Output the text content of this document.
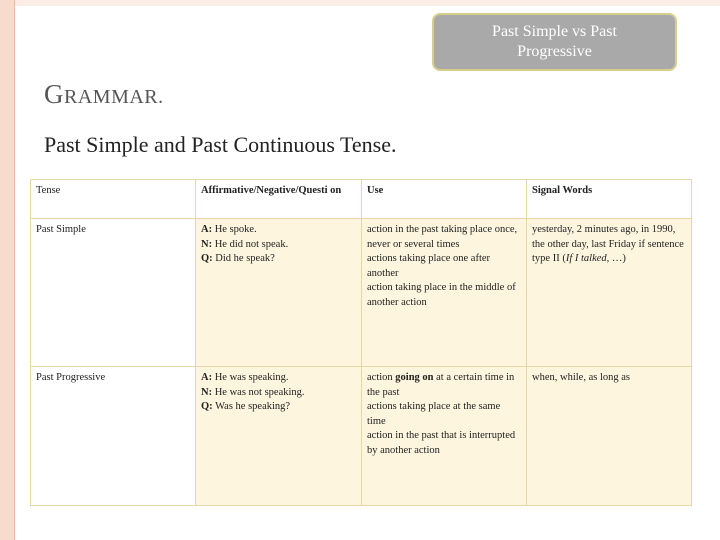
Past Simple vs Past
Progressive
GRAMMAR.
Past Simple and Past Continuous Tense.
Tense	Affirmative/Negative/Questi on	Use	Signal Words
Past Simple	A: He spoke.
N: He did not speak.
Q: Did he speak?	action in the past taking place once, never or several times
actions taking place one after another
action taking place in the middle of another action	yesterday, 2 minutes ago, in 1990, the other day, last Friday if sentence type II (If I talked, …)
Past Progressive	A: He was speaking.
N: He was not speaking.
Q: Was he speaking?	action going on at a certain time in the past
actions taking place at the same time
action in the past that is interrupted by another action	when, while, as long as
